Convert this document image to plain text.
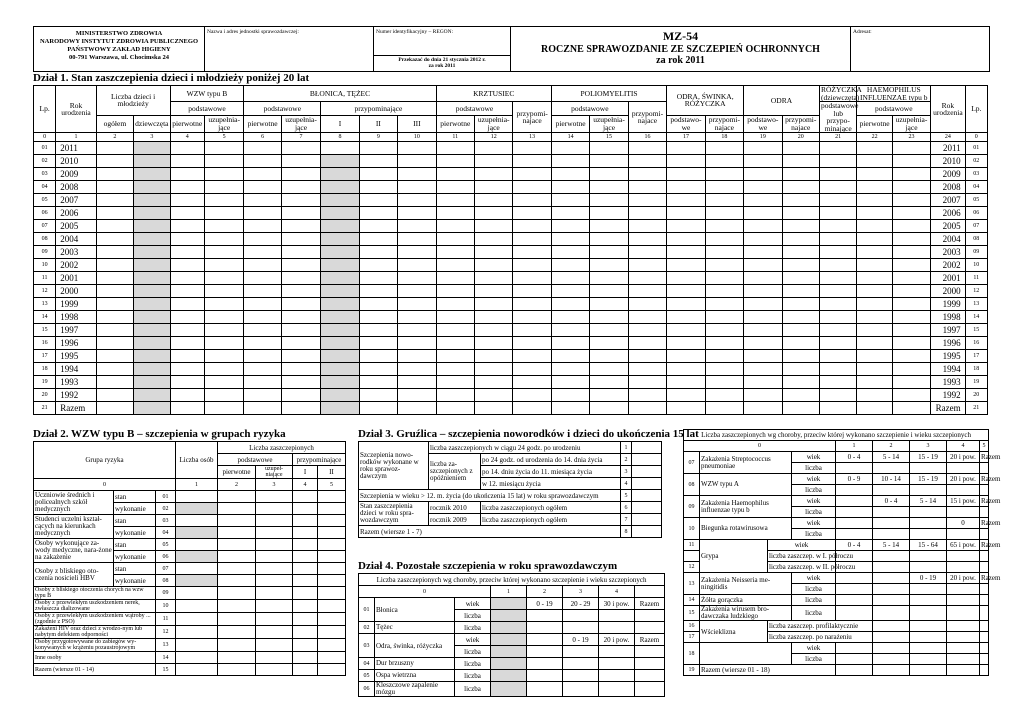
MINISTERSTWO ZDROWIA
NARODOWY INSTYTUT ZDROWIA PUBLICZNEGO
PAŃSTWOWY ZAKŁAD HIGIENY
00-791 Warszawa, ul. Chocimska 24
Nazwa i adres jednostki sprawozdawczej:	Numer identyfikacyjny – REGON:
Przekazać do dnia 21 stycznia 2012 r.
za rok 2011
MZ-54
ROCZNE SPRAWOZDANIE ZE SZCZEPIEŃ OCHRONNYCH
za rok 2011
Adresat:
Dział 1. Stan zaszczepienia dzieci i młodzieży poniżej 20 lat
Lp.	Rok urodzenia	Liczba dzieci i młodzieży		WZW typu B		BŁONICA, TĘŻEC					KRZTUSIEC			POLIOMYELITIS			ODRA, ŚWINKA, RÓŻYCZKA		ODRA		RÓŻYCZKA (dziewczęta)	HAEMOPHILUS INFLUENZAE typu b		Rok urodzenia	Lp.
				podstawowe		podstawowe		przypominające			podstawowe		przypomi-najace	podstawowe		przypomi-najace					podstawowe lub przypo-minające	podstawowe			
		ogółem	dziewczęta	pierwotne	uzupełnia-jące	pierwotne	uzupełnia-jące	I	II	III	pierwotne	uzupełnia-jące		pierwotne	uzupełnia-jące		podstawo-we	przypomi-najace	podstawo-we	przypomi-najace		pierwotne	uzupełnia-jące		
0	1	2	3	4	5	6	7	8	9	10	11	12	13	14	15	16	17	18	19	20	21	22	23	24	0
01	2011																							2011	01
02	2010																							2010	02
03	2009																							2009	03
04	2008																							2008	04
05	2007																							2007	05
06	2006																							2006	06
07	2005																							2005	07
08	2004																							2004	08
09	2003																							2003	09
10	2002																							2002	10
11	2001																							2001	11
12	2000																							2000	12
13	1999																							1999	13
14	1998																							1998	14
15	1997																							1997	15
16	1996																							1996	16
17	1995																							1995	17
18	1994																							1994	18
19	1993																							1993	19
20	1992																							1992	20
21	Razem																							Razem	21
Dział 2. WZW typu B – szczepienia w grupach ryzyka
Grupa ryzyka			Liczba osób	Liczba zaszczepionych			
				podstawowe		przypominające	
				pierwotne	uzupeł-niające	I	II
0			1	2	3	4	5
Uczniowie średnich i policealnych szkół medycznych	stan	01					
	wykonanie	02					
Studenci uczelni kształ-cących na kierunkach medycznych	stan	03					
	wykonanie	04					
Osoby wykonujące za-wody medyczne, nara-żone na zakażenie	stan	05					
	wykonanie	06					
Osoby z bliskiego oto-czenia nosicieli HBV	stan	07					
	wykonanie	08					
Osoby z bliskiego otoczenia chorych na wzw typu B		09					
Osoby z przewlekłym uszkodzeniem nerek, zwłaszcza dializowane		10					
Osoby z przewlekłym uszkodzeniem wątroby ... (zgodnie z PSO)		11					
Zakażeni HIV oraz dzieci z wrodzo-nym lub nabytym defektem odporności		12					
Osoby przygotowywane do zabiegów wy-konywanych w krążeniu pozaustrojowym		13					
Inne osoby		14					
Razem (wiersze 01 - 14)		15					
Dział 3. Gruźlica – szczepienia noworodków i dzieci do ukończenia 15 lat
Szczepienia nowo-rodków wykonane w roku sprawoz-dawczym	liczba zaszczepionych w ciągu 24 godz. po urodzeniu		1	
	liczba za-szczepionych z opóźnieniem	po 24 godz. od urodzenia do 14. dnia życia	2	
		po 14. dniu życia do 11. miesiąca życia	3	
		w 12. miesiącu życia	4	
Szczepienia w wieku > 12. m. życia (do ukończenia 15 lat) w roku sprawozdawczym			5	
Stan zaszczepienia dzieci w roku spra-wozdawczym	rocznik 2010	liczba zaszczepionych ogółem	6	
	rocznik 2009	liczba zaszczepionych ogółem	7	
Razem (wiersze 1 - 7)			8	
Dział 4. Pozostałe szczepienia w roku sprawozdawczym
Liczba zaszczepionych wg choroby, przeciw której wykonano szczepienie i wieku szczepionych							
0			1	2	3	4	
01	Błonica	wiek		0 - 19	20 - 29	30 i pow.	Razem
		liczba					
02	Tężec	liczba					
03	Odra, świnka, różyczka	wiek			0 - 19	20 i pow.	Razem
		liczba					
04	Dur brzuszny	liczba					
05	Ospa wietrzna	liczba					
06	Kleszczowe zapalenie mózgu	liczba					
Liczba zaszczepionych wg choroby, przeciw której wykonano szczepienie i wieku szczepionych								
0				1	2	3	4	5
07	Zakażenia Streptococcus pneumoniae		wiek	0 - 4	5 - 14	15 - 19	20 i pow.	Razem
			liczba					
08	WZW typu A		wiek	0 - 9	10 - 14	15 - 19	20 i pow.	Razem
			liczba					
09	Zakażenia Haemophilus influenzae typu b		wiek		0 - 4	5 - 14	15 i pow.	Razem
			liczba					
10	Biegunka rotawirusowa		wiek				0	Razem
			liczba					
11	Grypa	wiek		0 - 4	5 - 14	15 - 64	65 i pow.	Razem
		liczba zaszczep. w I. półroczu						
12		liczba zaszczep. w II. półroczu						
13	Zakażenia Neisseria me-ningitidis		wiek			0 - 19	20 i pow.	Razem
			liczba					
14	Żółta gorączka		liczba					
15	Zakażenia wirusem bro-dawczaka ludzkiego		liczba					
16	Wścieklizna	liczba zaszczep. profilaktycznie						
17		liczba zaszczep. po narażeniu						
18			wiek					
			liczba					
19	Razem (wiersze 01 - 18)							
